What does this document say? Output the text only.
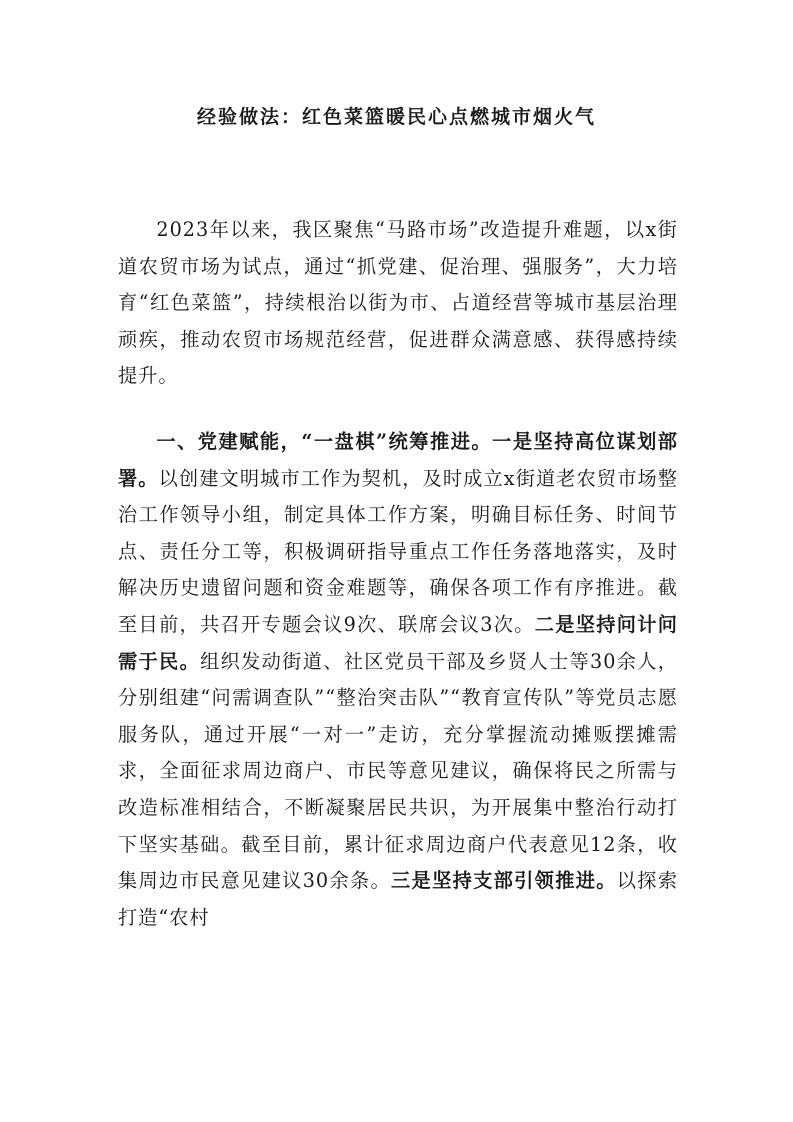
经验做法：红色菜篮暖民心点燃城市烟火气

2023年以来，我区聚焦“马路市场”改造提升难题，以x街道农贸市场为试点，通过“抓党建、促治理、强服务”，大力培育“红色菜篮”，持续根治以街为市、占道经营等城市基层治理顽疾，推动农贸市场规范经营，促进群众满意感、获得感持续提升。

一、党建赋能，“一盘棋”统筹推进。一是坚持高位谋划部署。以创建文明城市工作为契机，及时成立x街道老农贸市场整治工作领导小组，制定具体工作方案，明确目标任务、时间节点、责任分工等，积极调研指导重点工作任务落地落实，及时解决历史遗留问题和资金难题等，确保各项工作有序推进。截至目前，共召开专题会议9次、联席会议3次。二是坚持问计问需于民。组织发动街道、社区党员干部及乡贤人士等30余人，分别组建“问需调查队”“整治突击队”“教育宣传队”等党员志愿服务队，通过开展“一对一”走访，充分掌握流动摊贩摆摊需求，全面征求周边商户、市民等意见建议，确保将民之所需与改造标准相结合，不断凝聚居民共识，为开展集中整治行动打下坚实基础。截至目前，累计征求周边商户代表意见12条，收集周边市民意见建议30余条。三是坚持支部引领推进。以探索打造“农村
